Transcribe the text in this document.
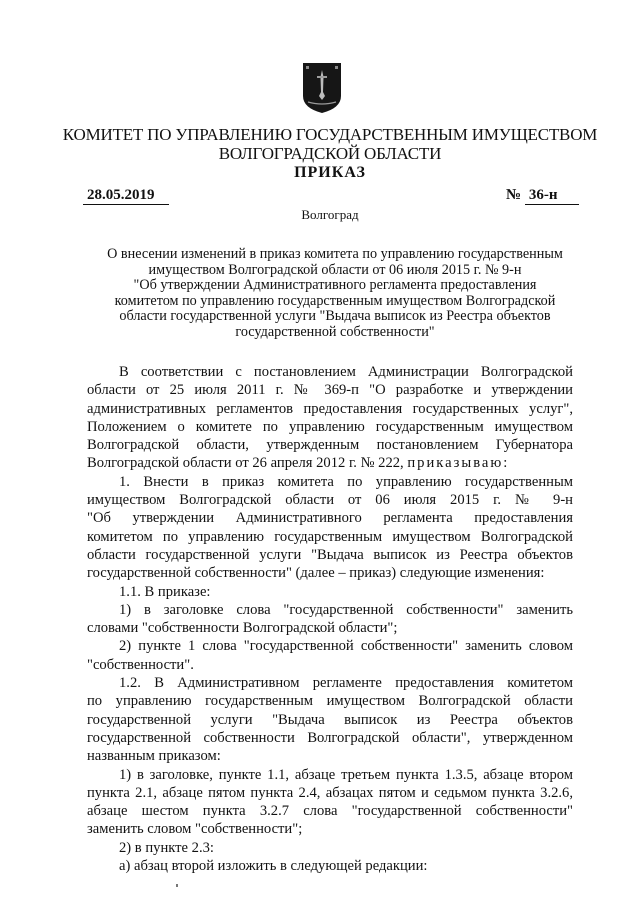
КОМИТЕТ ПО УПРАВЛЕНИЮ ГОСУДАРСТВЕННЫМ ИМУЩЕСТВОМ
ВОЛГОГРАДСКОЙ ОБЛАСТИ
ПРИКАЗ
28.05.2019	№ 36-н
Волгоград
О внесении изменений в приказ комитета по управлению государственным
имуществом Волгоградской области от 06 июля 2015 г. № 9-н
"Об утверждении Административного регламента предоставления
комитетом по управлению государственным имуществом Волгоградской
области государственной услуги "Выдача выписок из Реестра объектов
государственной собственности"
В соответствии с постановлением Администрации Волгоградской
области от 25 июля 2011 г. № 369-п "О разработке и утверждении
административных регламентов предоставления государственных услуг",
Положением о комитете по управлению государственным имуществом
Волгоградской области, утвержденным постановлением Губернатора
Волгоградской области от 26 апреля 2012 г. № 222, приказываю:
1. Внести в приказ комитета по управлению государственным
имуществом Волгоградской области от 06 июля 2015 г. № 9-н
"Об утверждении Административного регламента предоставления
комитетом по управлению государственным имуществом Волгоградской
области государственной услуги "Выдача выписок из Реестра объектов
государственной собственности" (далее – приказ) следующие изменения:
1.1. В приказе:
1) в заголовке слова "государственной собственности" заменить
словами "собственности Волгоградской области";
2) пункте 1 слова "государственной собственности" заменить словом
"собственности".
1.2. В Административном регламенте предоставления комитетом
по управлению государственным имуществом Волгоградской области
государственной услуги "Выдача выписок из Реестра объектов
государственной собственности Волгоградской области", утвержденном
названным приказом:
1) в заголовке, пункте 1.1, абзаце третьем пункта 1.3.5, абзаце втором
пункта 2.1, абзаце пятом пункта 2.4, абзацах пятом и седьмом пункта 3.2.6,
абзаце шестом пункта 3.2.7 слова "государственной собственности"
заменить словом "собственности";
2) в пункте 2.3:
а) абзац второй изложить в следующей редакции:
